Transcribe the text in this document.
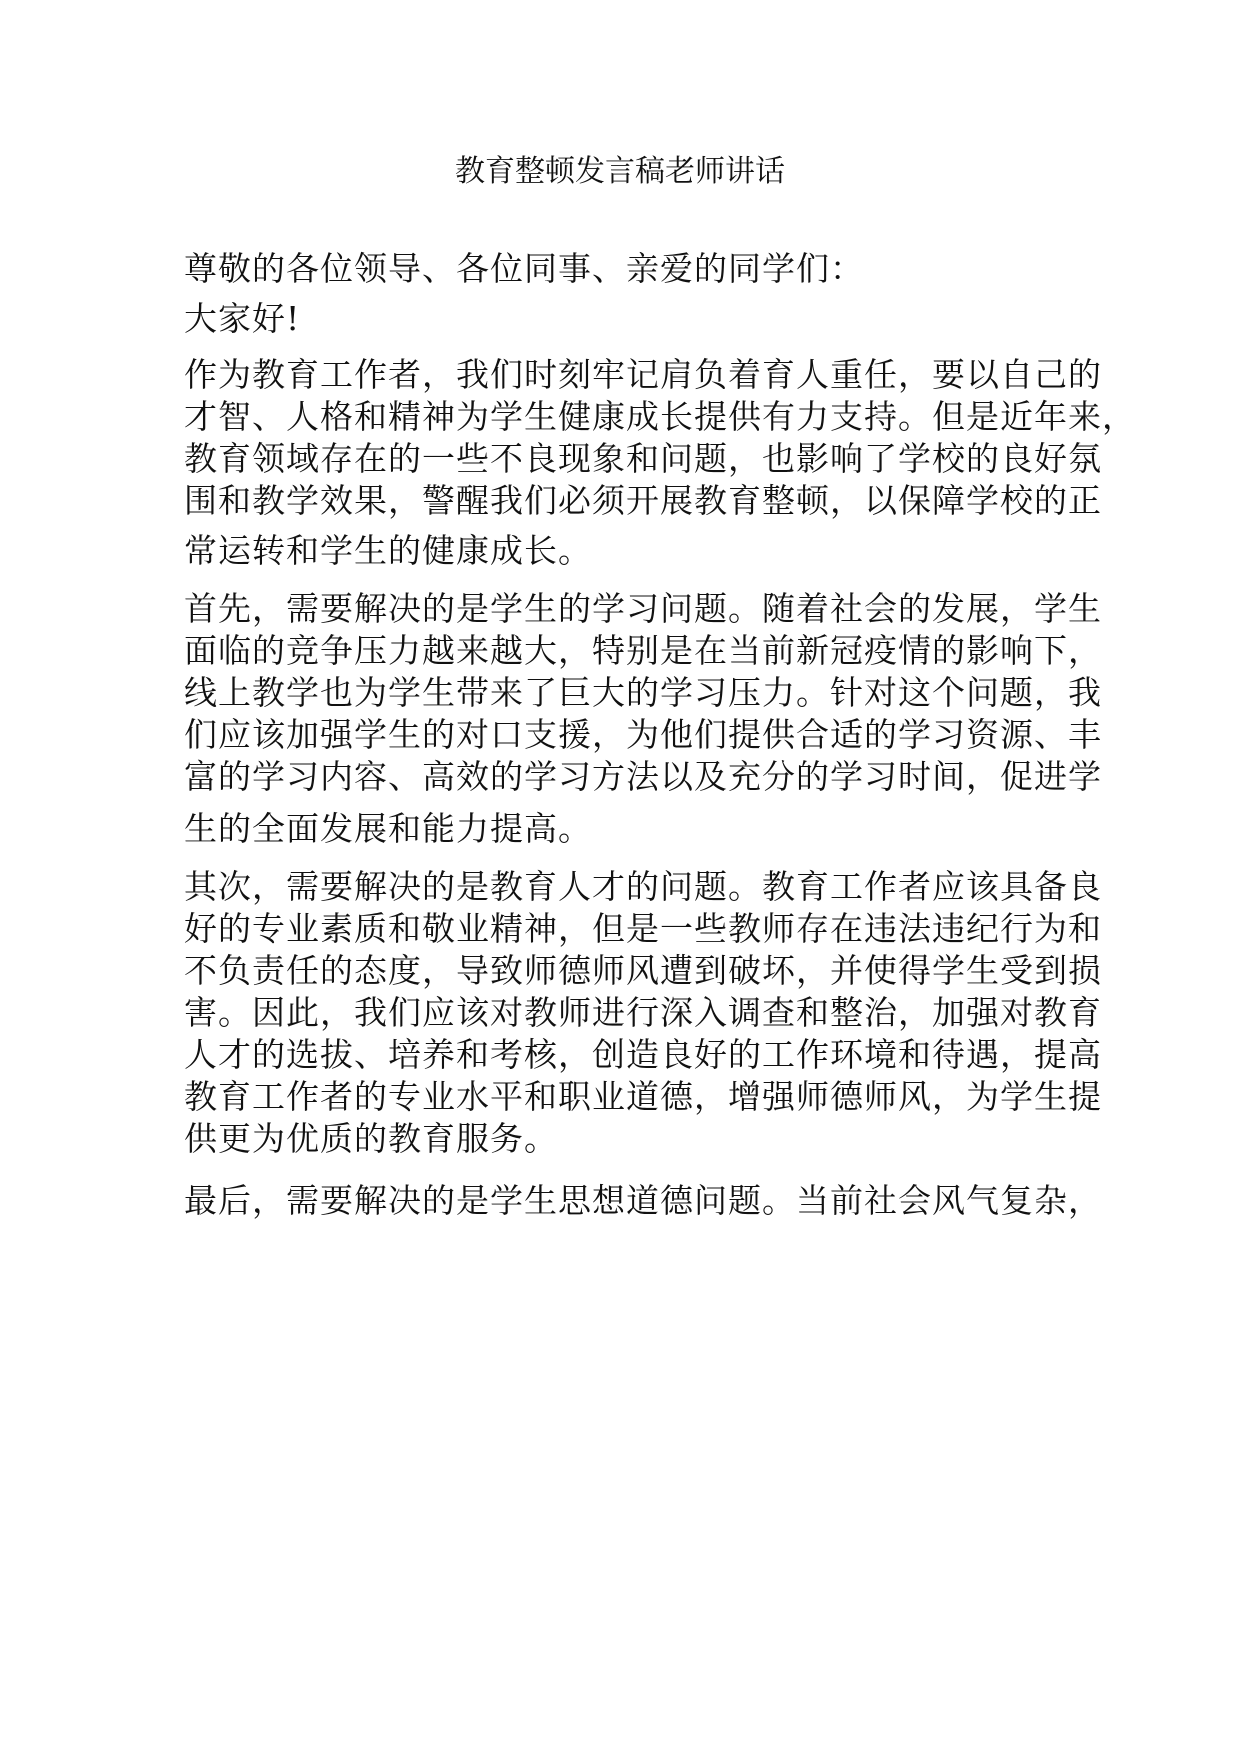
教育整顿发言稿老师讲话

尊敬的各位领导、各位同事、亲爱的同学们：

大家好!

作为教育工作者，我们时刻牢记肩负着育人重任，要以自己的
才智、人格和精神为学生健康成长提供有力支持。但是近年来，
教育领域存在的一些不良现象和问题，也影响了学校的良好氛
围和教学效果，警醒我们必须开展教育整顿，以保障学校的正
常运转和学生的健康成长。
首先，需要解决的是学生的学习问题。随着社会的发展，学生
面临的竞争压力越来越大，特别是在当前新冠疫情的影响下，
线上教学也为学生带来了巨大的学习压力。针对这个问题，我
们应该加强学生的对口支援，为他们提供合适的学习资源、丰
富的学习内容、高效的学习方法以及充分的学习时间，促进学
生的全面发展和能力提高。
其次，需要解决的是教育人才的问题。教育工作者应该具备良
好的专业素质和敬业精神，但是一些教师存在违法违纪行为和
不负责任的态度，导致师德师风遭到破坏，并使得学生受到损
害。因此，我们应该对教师进行深入调查和整治，加强对教育
人才的选拔、培养和考核，创造良好的工作环境和待遇，提高
教育工作者的专业水平和职业道德，增强师德师风，为学生提
供更为优质的教育服务。
最后，需要解决的是学生思想道德问题。当前社会风气复杂，
